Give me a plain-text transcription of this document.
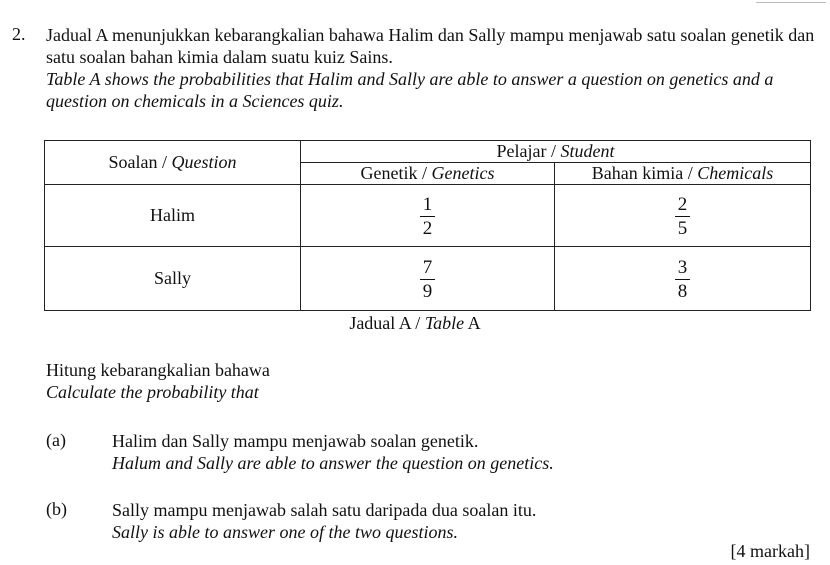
2. Jadual A menunjukkan kebarangkalian bahawa Halim dan Sally mampu menjawab satu soalan genetik dan satu soalan bahan kimia dalam suatu kuiz Sains.
Table A shows the probabilities that Halim and Sally are able to answer a question on genetics and a question on chemicals in a Sciences quiz.
Soalan / Question	Pelajar / Student	
	Genetik / Genetics	Bahan kimia / Chemicals
Halim	$\frac{1}{2}$	$\frac{2}{5}$

Sally	$\frac{7}{9}$	$\frac{3}{8}$
Jadual A / Table A
Hitung kebarangkalian bahawa
Calculate the probability that
(a)	Halim dan Sally mampu menjawab soalan genetik.
Halum and Sally are able to answer the question on genetics.
(b)	Sally mampu menjawab salah satu daripada dua soalan itu.
Sally is able to answer one of the two questions.
[4 markah]
